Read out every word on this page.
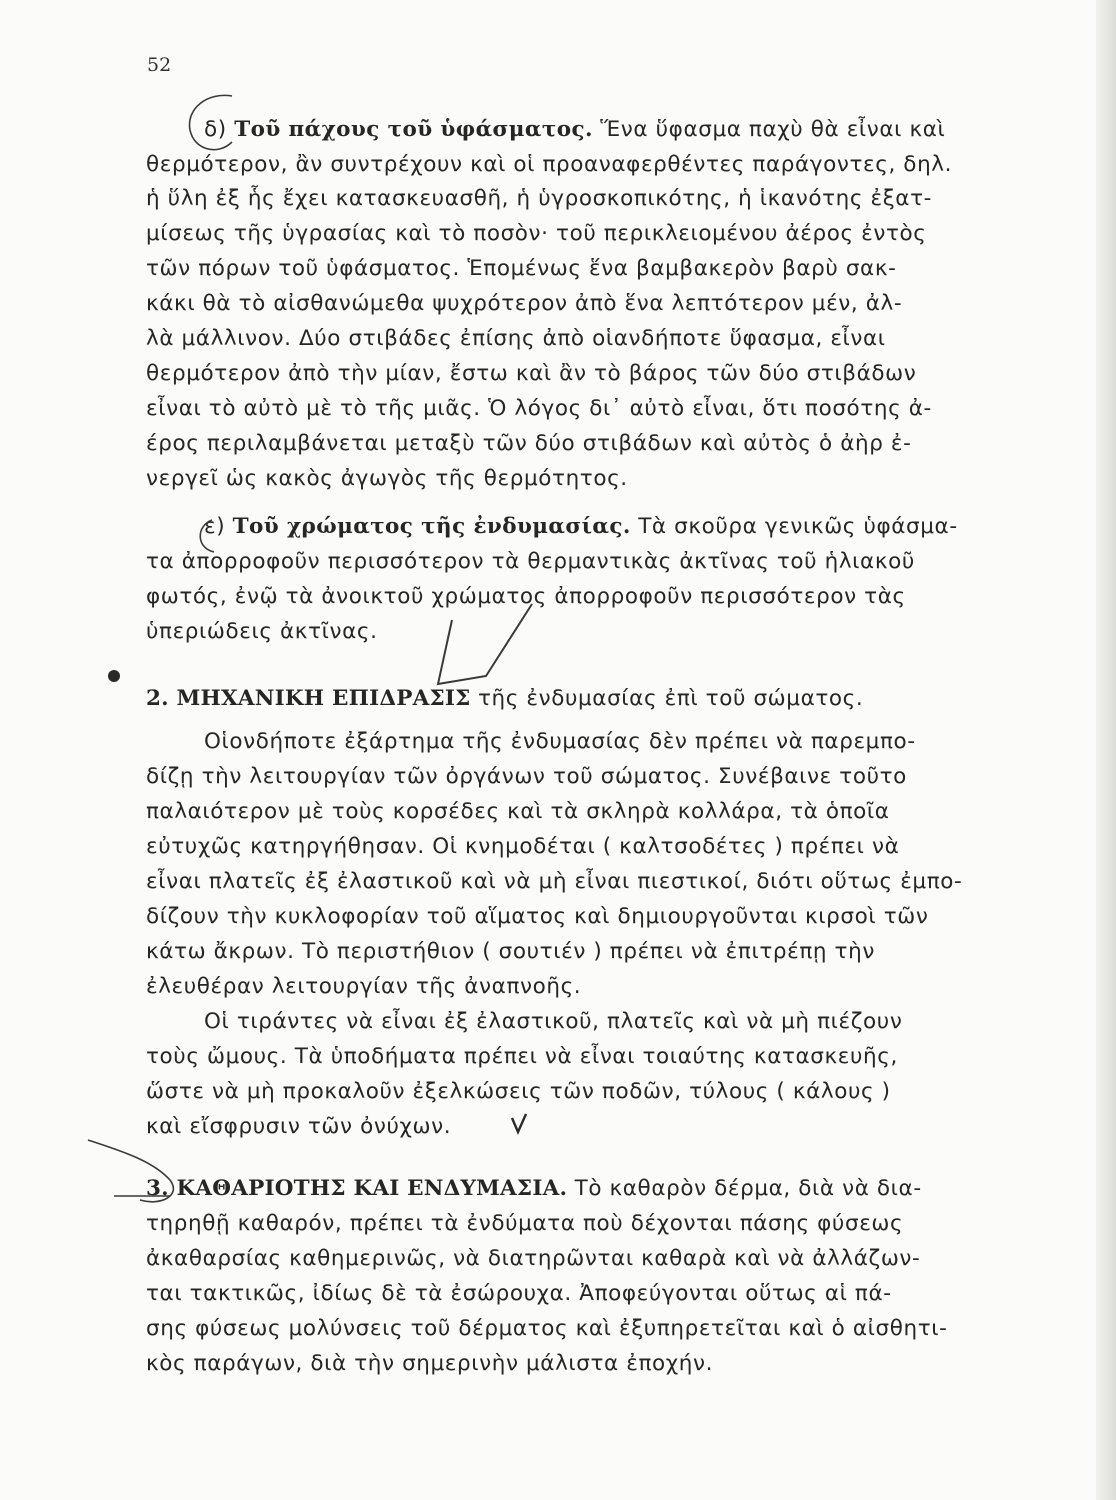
52

δ) Τοῦ πάχους τοῦ ὑφάσματος. Ἕνα ὕφασμα παχὺ θὰ εἶναι καὶ

θερμότερον, ἂν συντρέχουν καὶ οἱ προαναφερθέντες παράγοντες, δηλ.

ἡ ὕλη ἐξ ἧς ἔχει κατασκευασθῆ, ἡ ὑγροσκοπικότης, ἡ ἱκανότης ἐξατ-

μίσεως τῆς ὑγρασίας καὶ τὸ ποσὸν· τοῦ περικλειομένου ἀέρος ἐντὸς

τῶν πόρων τοῦ ὑφάσματος. Ἑπομένως ἕνα βαμβακερὸν βαρὺ σακ-

κάκι θὰ τὸ αἰσθανώμεθα ψυχρότερον ἀπὸ ἕνα λεπτότερον μέν, ἀλ-

λὰ μάλλινον. Δύο στιβάδες ἐπίσης ἀπὸ οἱανδήποτε ὕφασμα, εἶναι

θερμότερον ἀπὸ τὴν μίαν, ἔστω καὶ ἂν τὸ βάρος τῶν δύο στιβάδων

εἶναι τὸ αὐτὸ μὲ τὸ τῆς μιᾶς. Ὁ λόγος δι᾽ αὐτὸ εἶναι, ὅτι ποσότης ἀ-

έρος περιλαμβάνεται μεταξὺ τῶν δύο στιβάδων καὶ αὐτὸς ὁ ἀὴρ ἐ-

νεργεῖ ὡς κακὸς ἀγωγὸς τῆς θερμότητος.

ε) Τοῦ χρώματος τῆς ἐνδυμασίας. Τὰ σκοῦρα γενικῶς ὑφάσμα-

τα ἀπορροφοῦν περισσότερον τὰ θερμαντικὰς ἀκτῖνας τοῦ ἡλιακοῦ

φωτός, ἐνῷ τὰ ἀνοικτοῦ χρώματος ἀπορροφοῦν περισσότερον τὰς

ὑπεριώδεις ἀκτῖνας.

2. ΜΗΧΑΝΙΚΗ ΕΠΙΔΡΑΣΙΣ τῆς ἐνδυμασίας ἐπὶ τοῦ σώματος.

Οἱονδήποτε ἐξάρτημα τῆς ἐνδυμασίας δὲν πρέπει νὰ παρεμπο-

δίζῃ τὴν λειτουργίαν τῶν ὀργάνων τοῦ σώματος. Συνέβαινε τοῦτο

παλαιότερον μὲ τοὺς κορσέδες καὶ τὰ σκληρὰ κολλάρα, τὰ ὁποῖα

εὐτυχῶς κατηργήθησαν. Οἱ κνημοδέται ( καλτσοδέτες ) πρέπει νὰ

εἶναι πλατεῖς ἐξ ἐλαστικοῦ καὶ νὰ μὴ εἶναι πιεστικοί, διότι οὕτως ἐμπο-

δίζουν τὴν κυκλοφορίαν τοῦ αἵματος καὶ δημιουργοῦνται κιρσοὶ τῶν

κάτω ἄκρων. Τὸ περιστήθιον ( σουτιέν ) πρέπει νὰ ἐπιτρέπῃ τὴν

ἐλευθέραν λειτουργίαν τῆς ἀναπνοῆς.

Οἱ τιράντες νὰ εἶναι ἐξ ἐλαστικοῦ, πλατεῖς καὶ νὰ μὴ πιέζουν

τοὺς ὤμους. Τὰ ὑποδήματα πρέπει νὰ εἶναι τοιαύτης κατασκευῆς,

ὥστε νὰ μὴ προκαλοῦν ἐξελκώσεις τῶν ποδῶν, τύλους ( κάλους )

καὶ εἴσφρυσιν τῶν ὀνύχων.

3. ΚΑΘΑΡΙΟΤΗΣ ΚΑΙ ΕΝΔΥΜΑΣΙΑ. Τὸ καθαρὸν δέρμα, διὰ νὰ δια-

τηρηθῇ καθαρόν, πρέπει τὰ ἐνδύματα ποὺ δέχονται πάσης φύσεως

ἀκαθαρσίας καθημερινῶς, νὰ διατηρῶνται καθαρὰ καὶ νὰ ἀλλάζων-

ται τακτικῶς, ἰδίως δὲ τὰ ἐσώρουχα. Ἀποφεύγονται οὕτως αἱ πά-

σης φύσεως μολύνσεις τοῦ δέρματος καὶ ἐξυπηρετεῖται καὶ ὁ αἰσθητι-

κὸς παράγων, διὰ τὴν σημερινὴν μάλιστα ἐποχήν.
